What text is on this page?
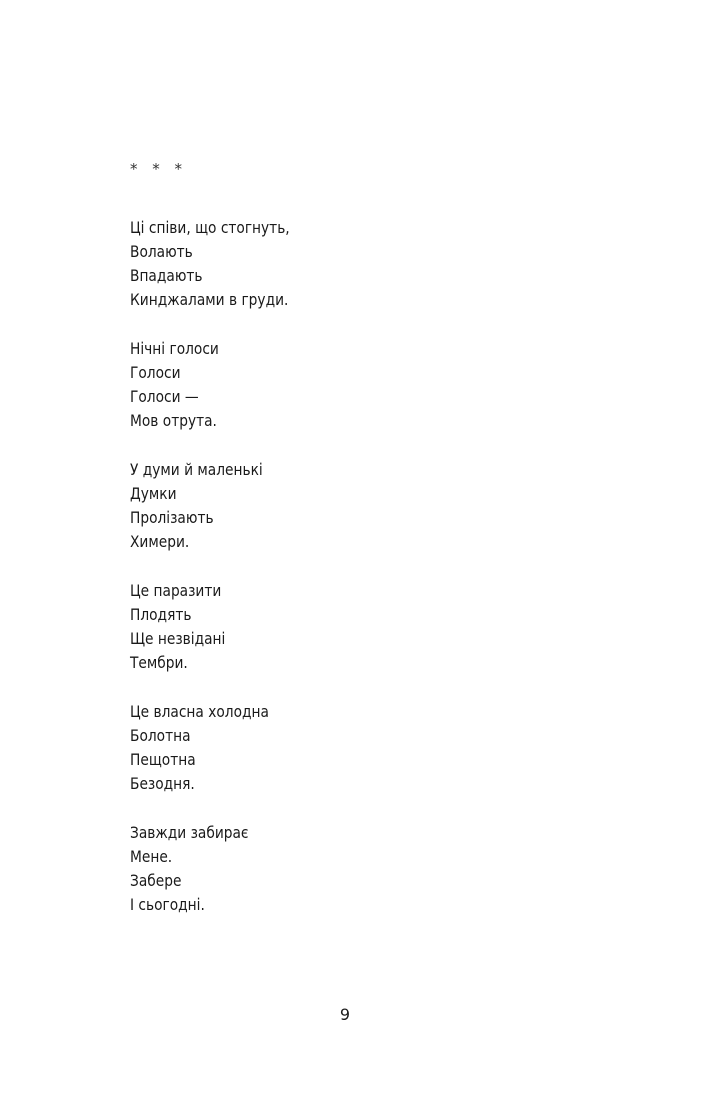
* * *
Ці співи, що стогнуть,
Волають
Впадають
Кинджалами в груди.
Нічні голоси
Голоси
Голоси —
Мов отрута.
У думи й маленькі
Думки
Пролізають
Химери.
Це паразити
Плодять
Ще незвідані
Тембри.
Це власна холодна
Болотна
Пещотна
Безодня.
Завжди забирає
Мене.
Забере
І сьогодні.
9
